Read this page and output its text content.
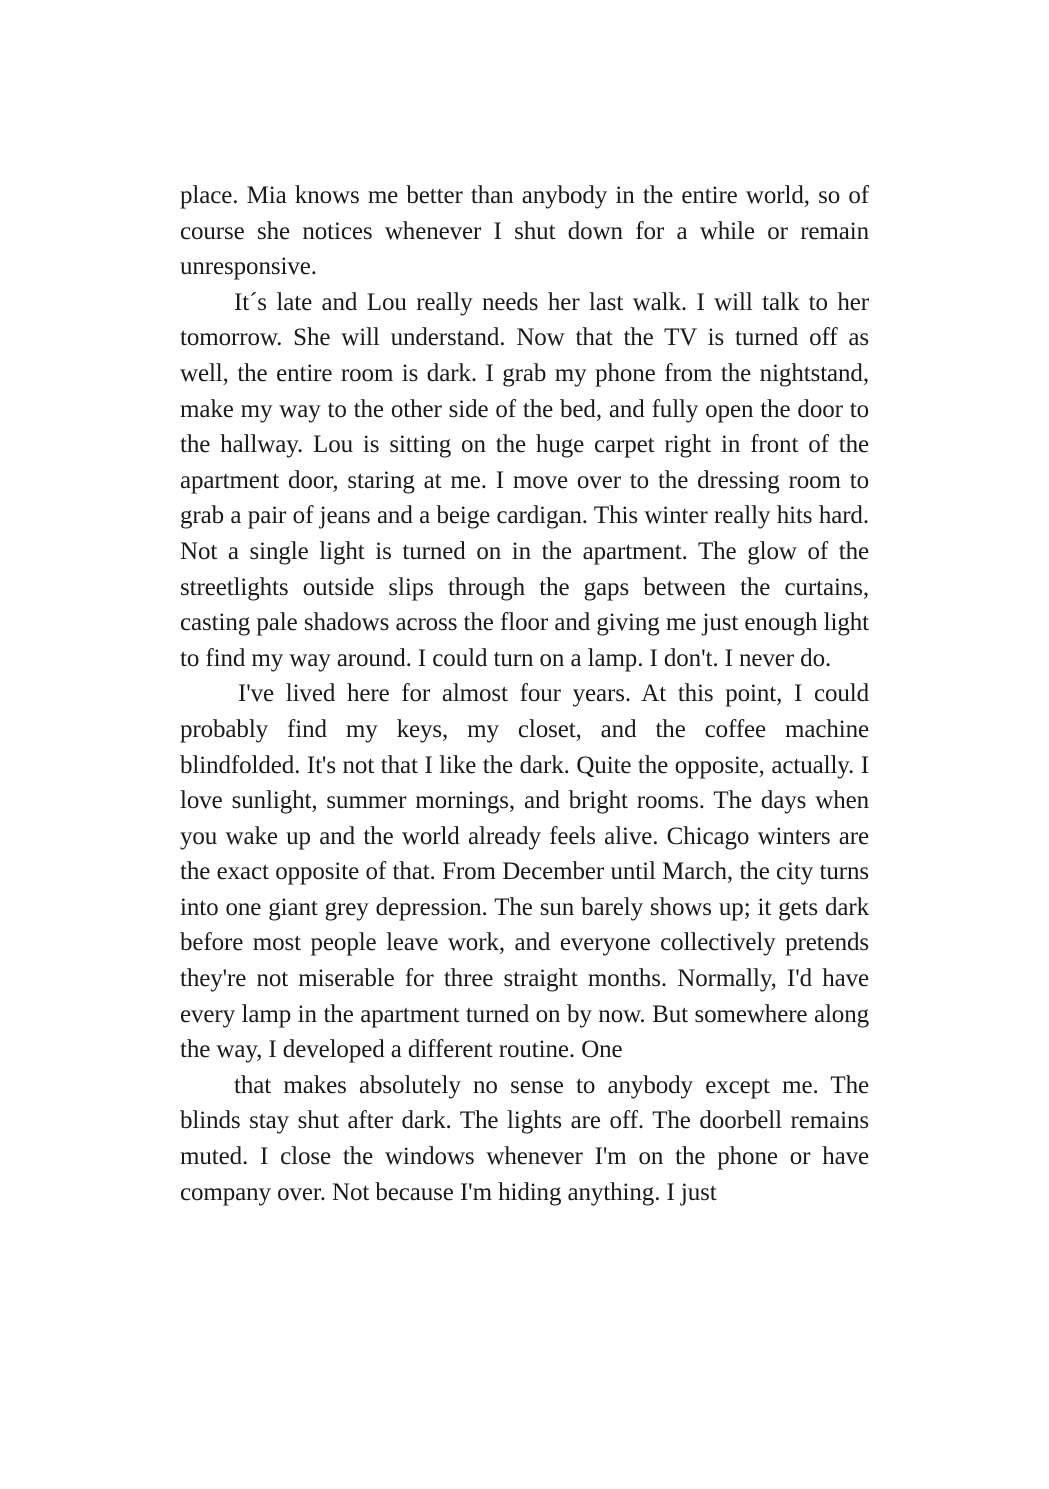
place. Mia knows me better than anybody in the entire world, so of course she notices whenever I shut down for a while or remain unresponsive.

It´s late and Lou really needs her last walk. I will talk to her tomorrow. She will understand. Now that the TV is turned off as well, the entire room is dark. I grab my phone from the nightstand, make my way to the other side of the bed, and fully open the door to the hallway. Lou is sitting on the huge carpet right in front of the apartment door, staring at me. I move over to the dressing room to grab a pair of jeans and a beige cardigan. This winter really hits hard. Not a single light is turned on in the apartment. The glow of the streetlights outside slips through the gaps between the curtains, casting pale shadows across the floor and giving me just enough light to find my way around. I could turn on a lamp. I don't. I never do.

I've lived here for almost four years. At this point, I could probably find my keys, my closet, and the coffee machine blindfolded. It's not that I like the dark. Quite the opposite, actually. I love sunlight, summer mornings, and bright rooms. The days when you wake up and the world already feels alive. Chicago winters are the exact opposite of that. From December until March, the city turns into one giant grey depression. The sun barely shows up; it gets dark before most people leave work, and everyone collectively pretends they're not miserable for three straight months. Normally, I'd have every lamp in the apartment turned on by now. But somewhere along the way, I developed a different routine. One

that makes absolutely no sense to anybody except me. The blinds stay shut after dark. The lights are off. The doorbell remains muted. I close the windows whenever I'm on the phone or have company over. Not because I'm hiding anything. I just
